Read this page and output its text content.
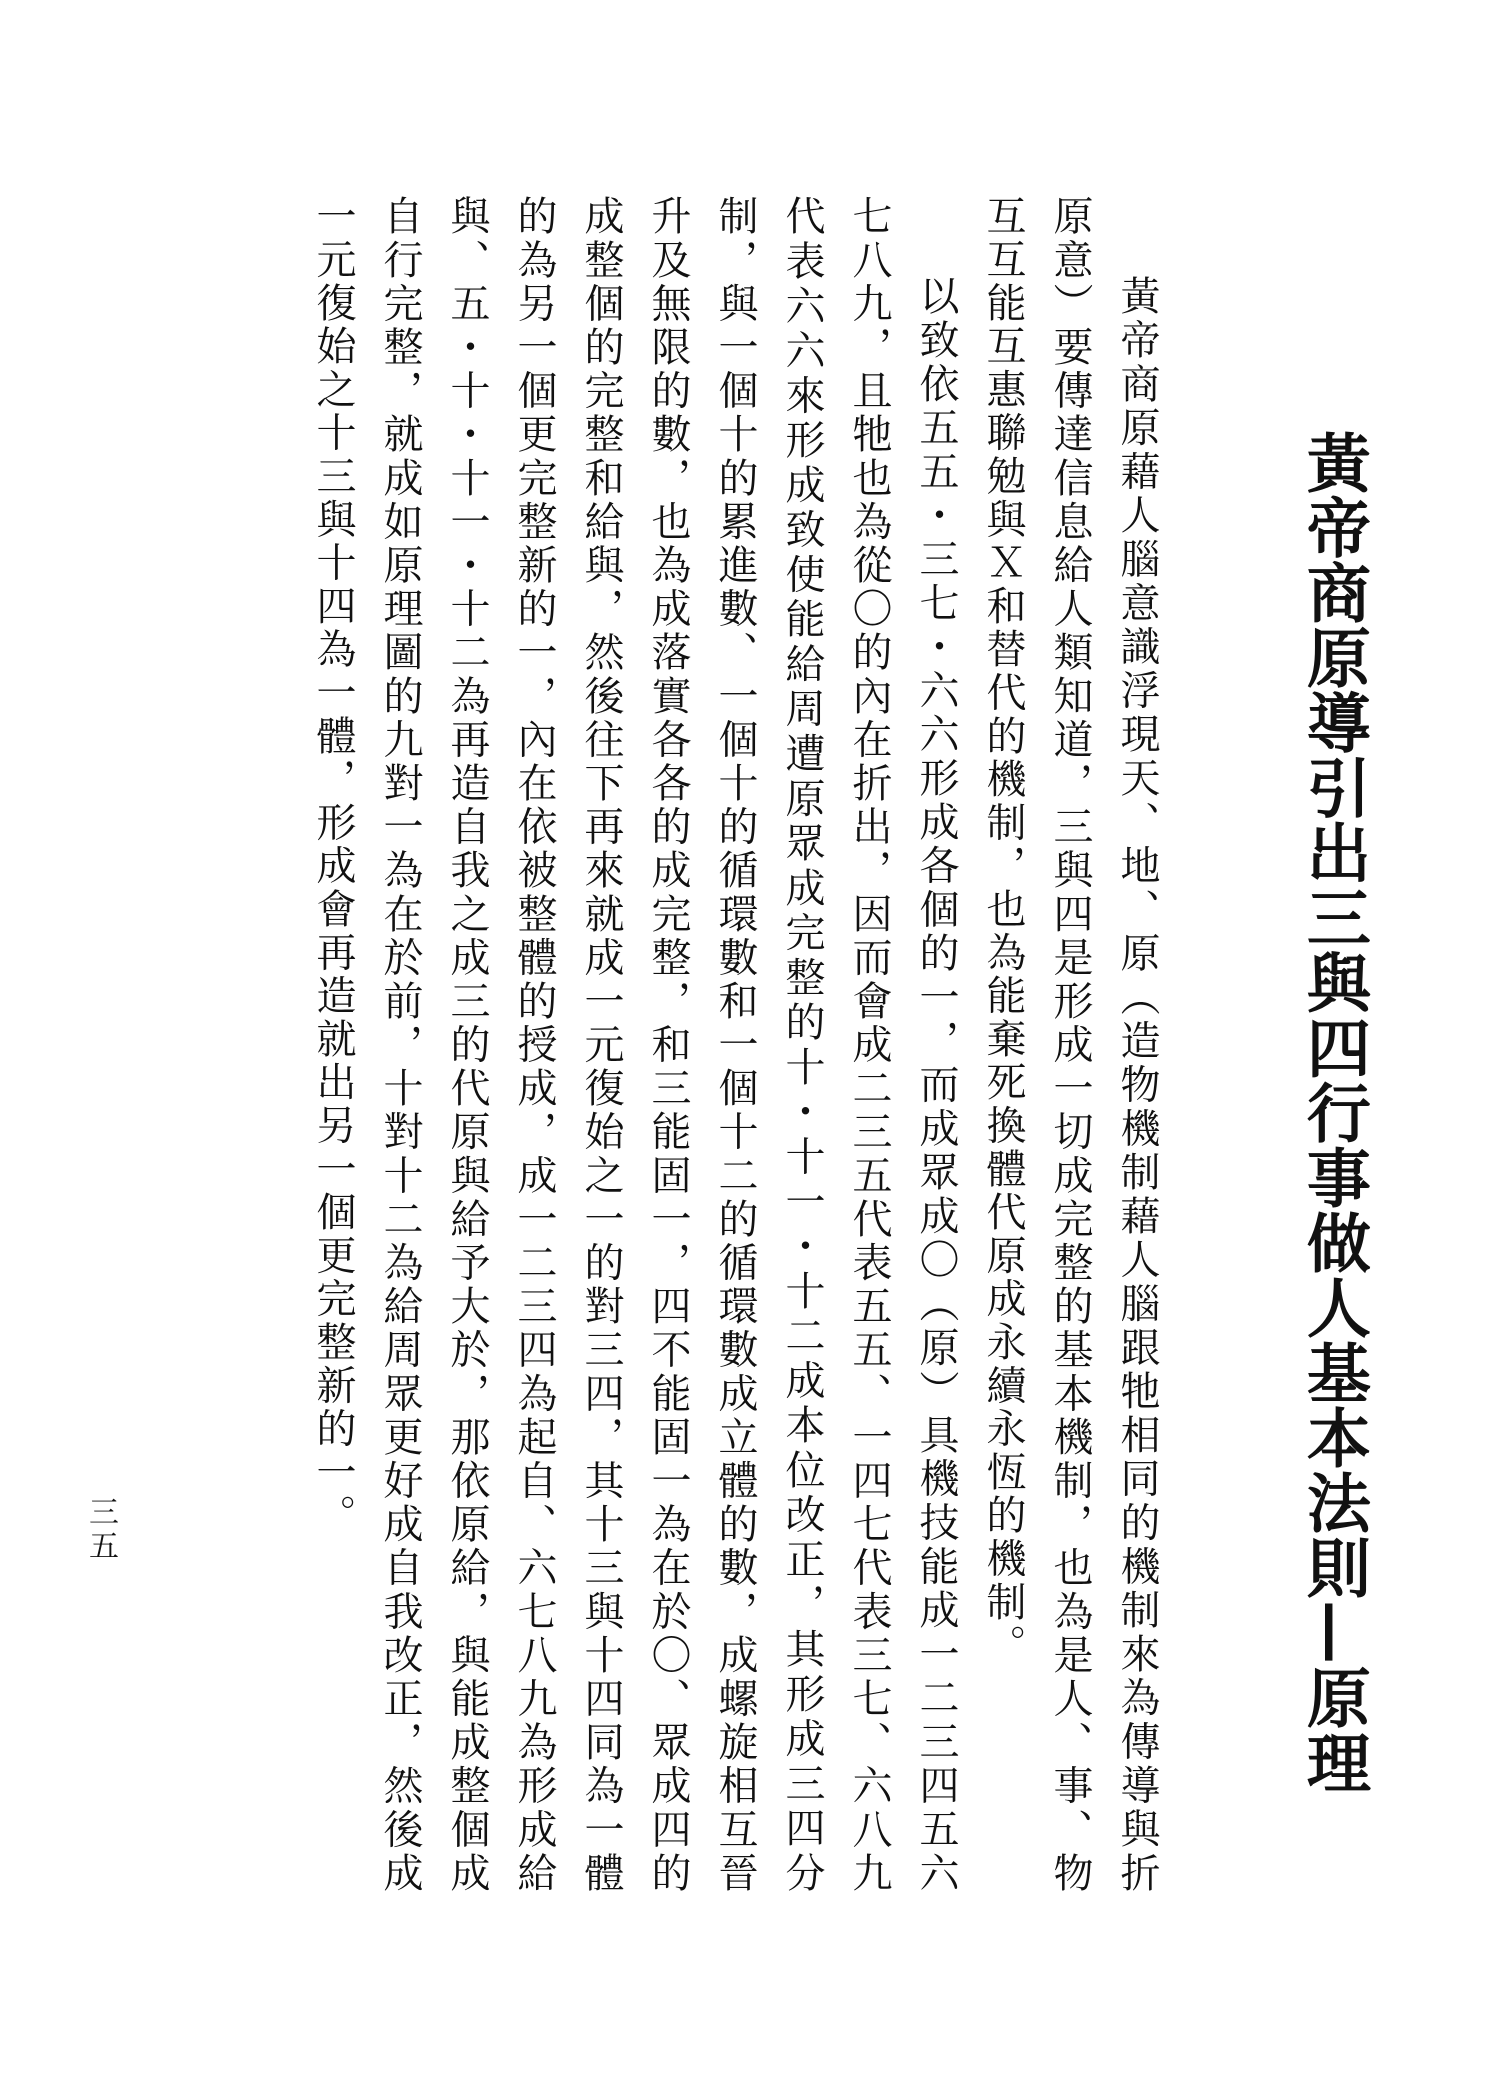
黃帝商原導引出三與四行事做人基本法則—原理

黃帝商原藉人腦意識浮現天、地、原（造物機制藉人腦跟牠相同的機制來為傳導與折原意）要傳達信息給人類知道，三與四是形成一切成完整的基本機制，也為是人、事、物互互能互惠聯勉與Ｘ和替代的機制，也為能棄死換體代原成永續永恆的機制。

以致依五五・三七・六六形成各個的一，而成眾成〇（原）具機技能成一二三四五六七八九，且牠也為從〇的內在折出，因而會成二三五代表五五、一四七代表三七、六八九代表六六來形成致使能給周遭原眾成完整的十・十一・十二成本位改正，其形成三四分制，與一個十的累進數、一個十的循環數和一個十二的循環數成立體的數，成螺旋相互晉升及無限的數，也為成落實各各的成完整，和三能固一，四不能固一為在於〇、眾成四的成整個的完整和給與，然後往下再來就成一元復始之一的對三四，其十三與十四同為一體的為另一個更完整新的一，內在依被整體的授成，成一二三四為起自、六七八九為形成給與、五・十・十一・十二為再造自我之成三的代原與給予大於，那依原給，與能成整個成自行完整，就成如原理圖的九對一為在於前，十對十二為給周眾更好成自我改正，然後成一元復始之十三與十四為一體，形成會再造就出另一個更完整新的一。

三五
